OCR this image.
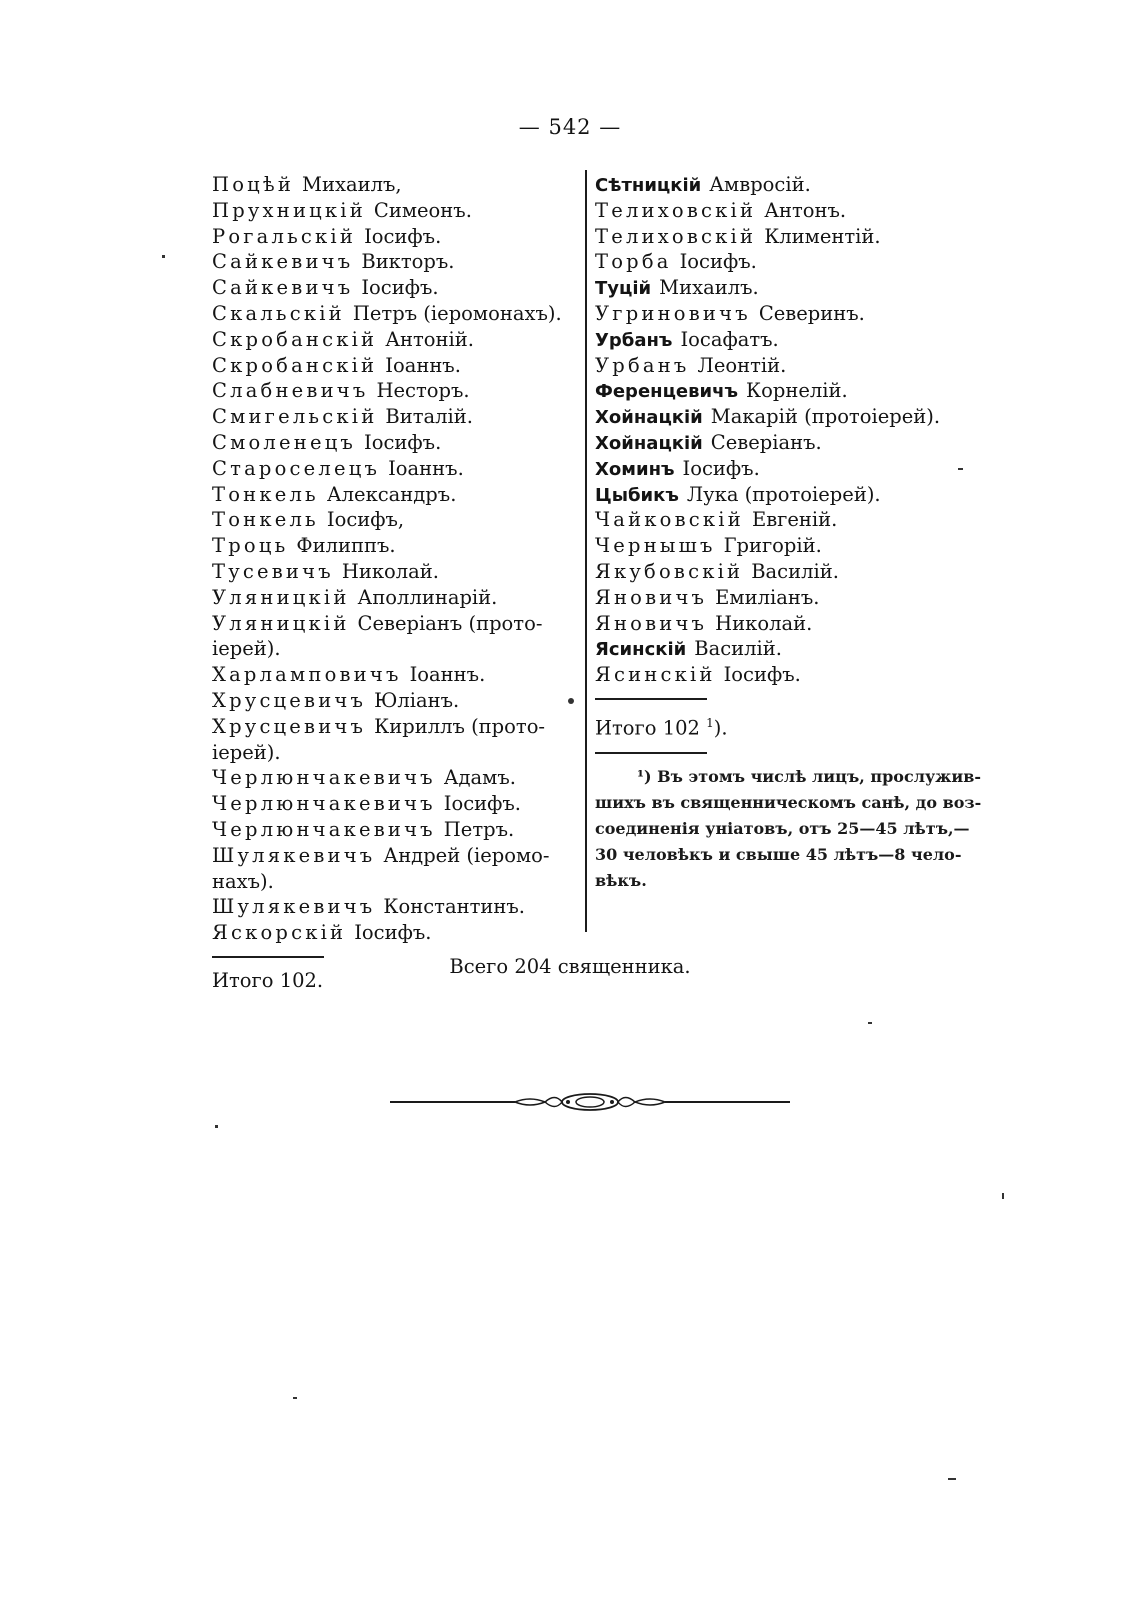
— 542 —
Поцѣй Михаилъ,
Прухницкій Симеонъ.
Рогальскій Іосифъ.
Сайкевичъ Викторъ.
Сайкевичъ Іосифъ.
Скальскій Петръ (іеромонахъ).
Скробанскій Антоній.
Скробанскій Іоаннъ.
Слабневичъ Несторъ.
Смигельскій Виталій.
Смоленецъ Іосифъ.
Староселецъ Іоаннъ.
Тонкель Александръ.
Тонкель Іосифъ,
Троць Филиппъ.
Тусевичъ Николай.
Уляницкій Аполлинарій.
Уляницкій Северіанъ (прото-
іерей).
Харламповичъ Іоаннъ.
Хрусцевичъ Юліанъ.
Хрусцевичъ Кириллъ (прото-
іерей).
Черлюнчакевичъ Адамъ.
Черлюнчакевичъ Іосифъ.
Черлюнчакевичъ Петръ.
Шулякевичъ Андрей (іеромо-
нахъ).
Шулякевичъ Константинъ.
Яскорскій Іосифъ.
Итого 102.
Сѣтницкій Амвросій.
Телиховскій Антонъ.
Телиховскій Климентій.
Торба Іосифъ.
Туцій Михаилъ.
Угриновичъ Северинъ.
Урбанъ Іосафатъ.
Урбанъ Леонтій.
Ференцевичъ Корнелій.
Хойнацкій Макарій (протоіерей).
Хойнацкій Северіанъ.
Хоминъ Іосифъ.
Цыбикъ Лука (протоіерей).
Чайковскій Евгеній.
Чернышъ Григорій.
Якубовскій Василій.
Яновичъ Емиліанъ.
Яновичъ Николай.
Ясинскій Василій.
Ясинскій Іосифъ.
Итого 102 $^1$).
¹) Въ этомъ числѣ лицъ, прослужив-
шихъ въ священническомъ санѣ, до воз-
соединенія уніатовъ, отъ 25—45 лѣтъ,—
30 человѣкъ и свыше 45 лѣтъ—8 чело-
вѣкъ.
Всего 204 священника.
